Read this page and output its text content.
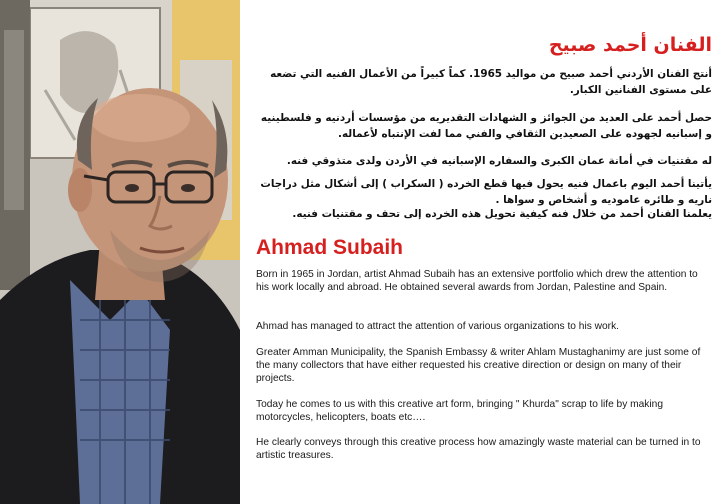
الفنان أحمد صبيح

أنتج الفنان الأردني أحمد صبيح من مواليد 1965. كماً كبيراً من الأعمال الفنيه التي تضعه على مستوى الفنانين الكبار.

حصل أحمد على العديد من الجوائز و الشهادات التقديريه من مؤسسات أردنيه و فلسطينيه و إسبانيه لجهوده على الصعيدين الثقافي والفني مما لفت الإنتباه لأعماله.

له مقتنيات في أمانة عمان الكبرى والسفاره الإسبانيه في الأردن ولدى متذوقي فنه.

يأتينا أحمد اليوم باعمال فنيه يحول فيها قطع الخرده ( السكراب ) إلى أشكال مثل دراجات ناريه و طائره عاموديه و أشخاص و سواها .

يعلمنا الفنان أحمد من خلال فنه كيفية تحويل هذه الخرده إلى تحف و مقتنيات فنيه.

Ahmad Subaih

Born in 1965 in Jordan, artist Ahmad Subaih has an extensive portfolio which drew the attention to his work locally and abroad. He obtained several awards from Jordan, Palestine and Spain.

Ahmad has managed to attract the attention of various organizations to his work.

Greater Amman Municipality, the Spanish Embassy & writer Ahlam Mustaghanimy are just some of the many collectors that have either requested his creative direction or design on many of their projects.

Today he comes to us with this creative art form, bringing " Khurda" scrap to life by making motorcycles, helicopters, boats etc….

He clearly conveys through this creative process how amazingly waste material can be turned in to artistic treasures.
